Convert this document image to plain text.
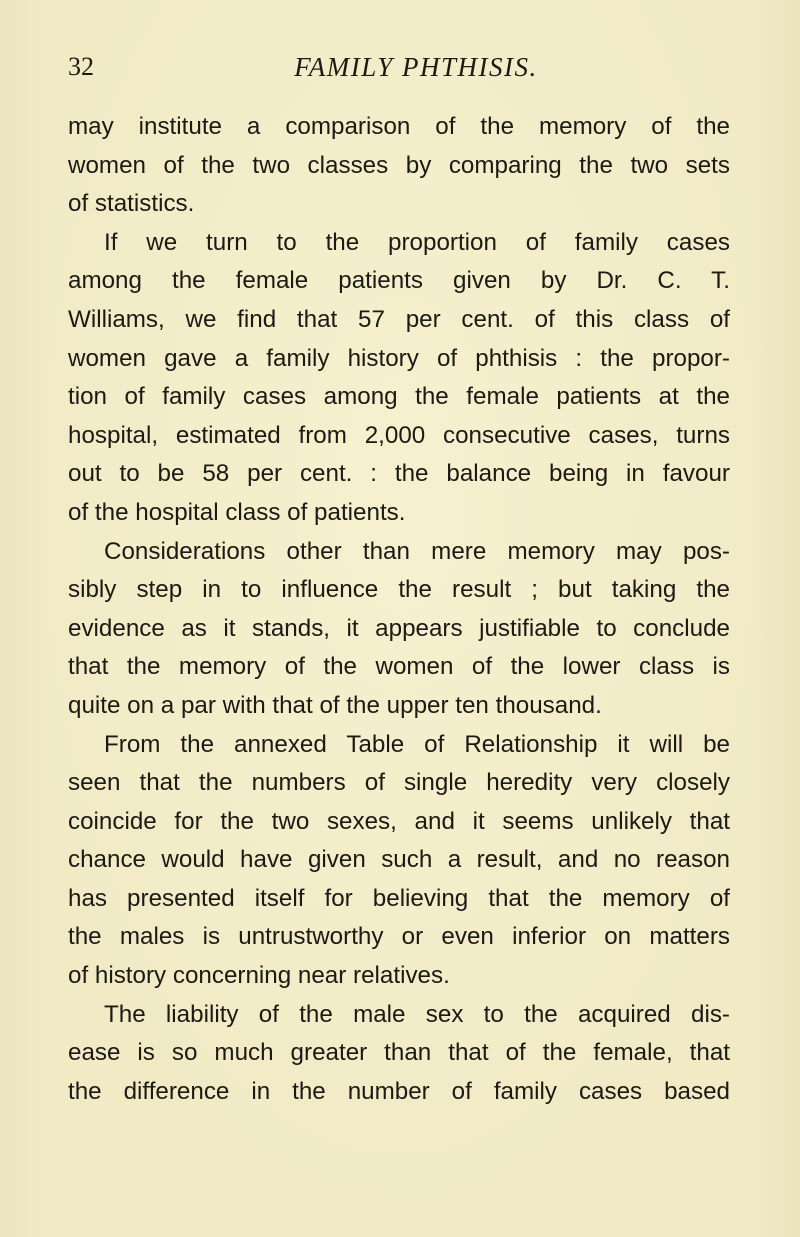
32	FAMILY PHTHISIS.
may institute a comparison of the memory of the
women of the two classes by comparing the two sets
of statistics.
If we turn to the proportion of family cases
among the female patients given by Dr. C. T.
Williams, we find that 57 per cent. of this class of
women gave a family history of phthisis : the propor-
tion of family cases among the female patients at the
hospital, estimated from 2,000 consecutive cases, turns
out to be 58 per cent. : the balance being in favour
of the hospital class of patients.
Considerations other than mere memory may pos-
sibly step in to influence the result ; but taking the
evidence as it stands, it appears justifiable to conclude
that the memory of the women of the lower class is
quite on a par with that of the upper ten thousand.
From the annexed Table of Relationship it will be
seen that the numbers of single heredity very closely
coincide for the two sexes, and it seems unlikely that
chance would have given such a result, and no reason
has presented itself for believing that the memory of
the males is untrustworthy or even inferior on matters
of history concerning near relatives.
The liability of the male sex to the acquired dis-
ease is so much greater than that of the female, that
the difference in the number of family cases based
